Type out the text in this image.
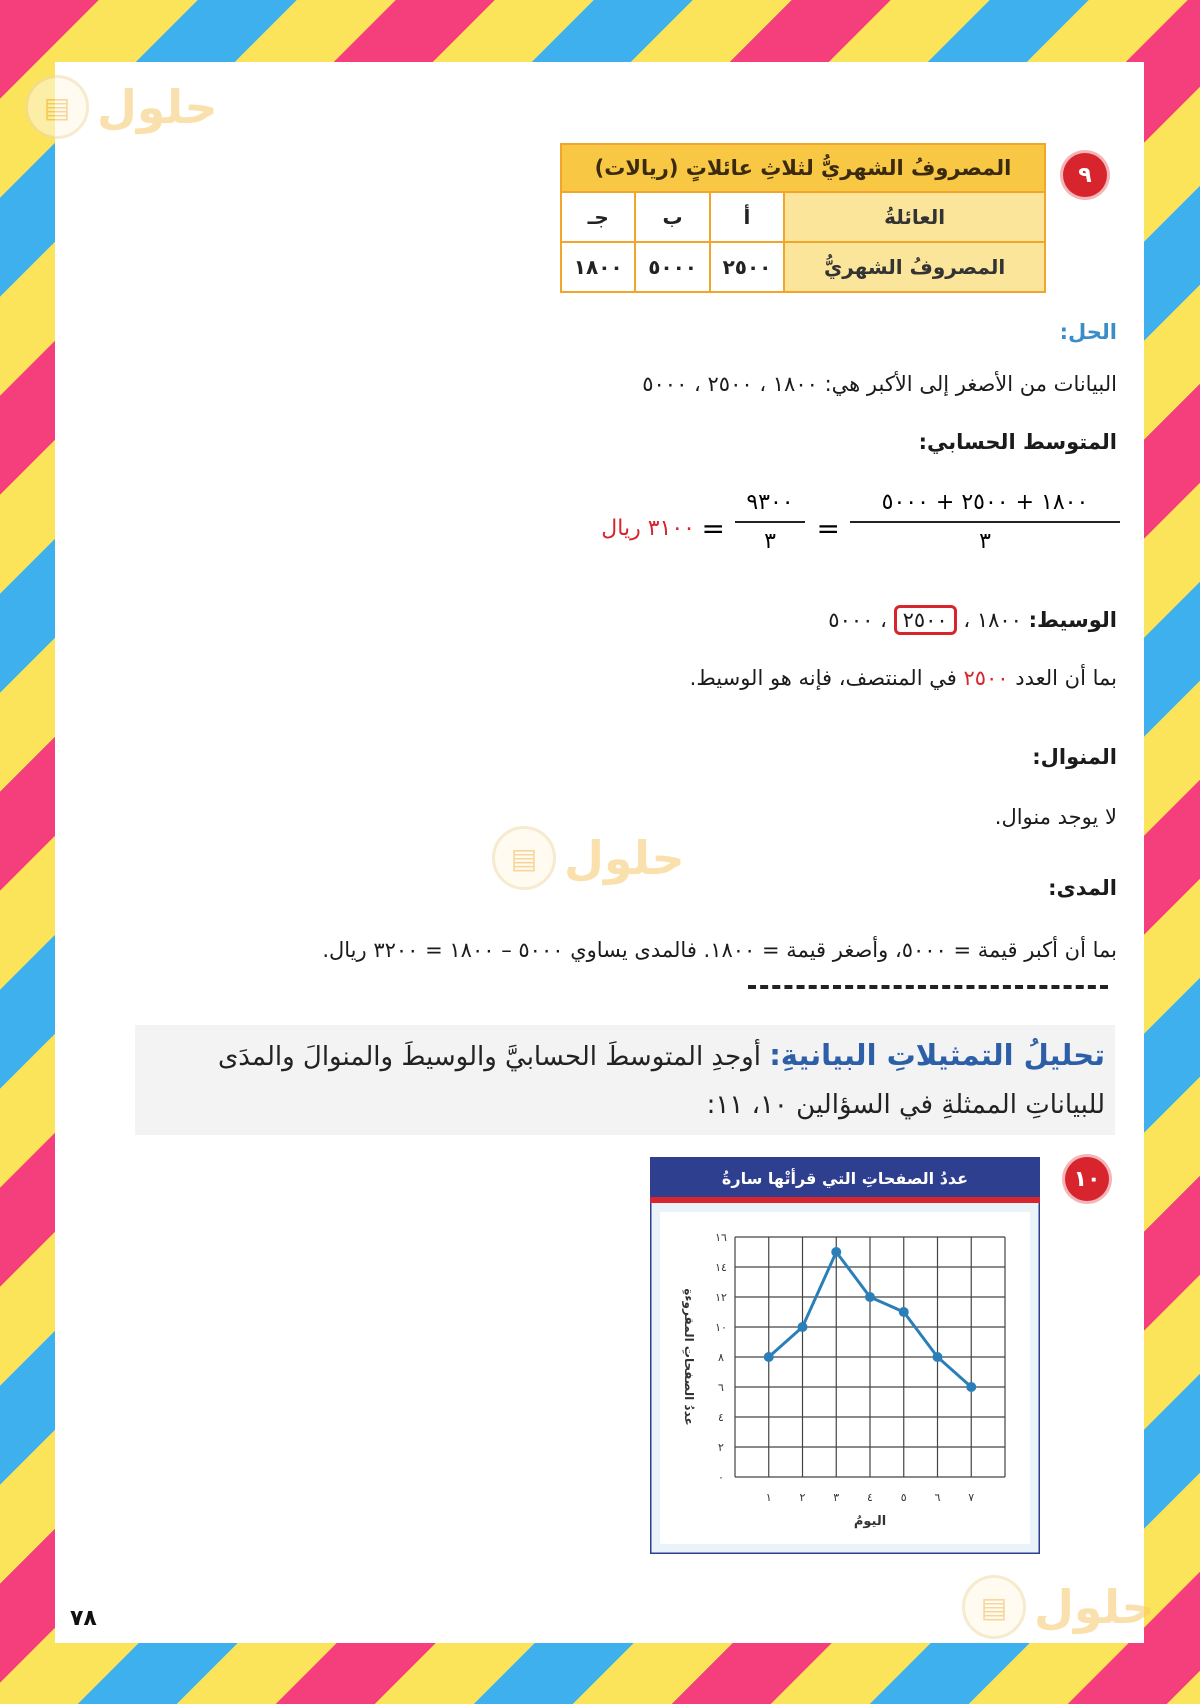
▤ حلول
▤ حلول
▤ حلول
٩
المصروفُ الشهريُّ لثلاثِ عائلاتٍ (ريالات)			
العائلةُ	أ	ب	جـ
المصروفُ الشهريُّ	٢٥٠٠	٥٠٠٠	١٨٠٠
الحل:
البيانات من الأصغر إلى الأكبر هي: ١٨٠٠ ، ٢٥٠٠ ، ٥٠٠٠
المتوسط الحسابي:
١٨٠٠ + ٢٥٠٠ + ٥٠٠٠
٣
=
٩٣٠٠
٣
=
٣١٠٠ ريال
الوسيط: ١٨٠٠ ، ٢٥٠٠ ، ٥٠٠٠
بما أن العدد ٢٥٠٠ في المنتصف، فإنه هو الوسيط.
المنوال:
لا يوجد منوال.
المدى:
بما أن أكبر قيمة = ٥٠٠٠، وأصغر قيمة = ١٨٠٠. فالمدى يساوي ٥٠٠٠ – ١٨٠٠ = ٣٢٠٠ ريال.
تحليلُ التمثيلاتِ البيانيةِ: أوجدِ المتوسطَ الحسابيَّ والوسيطَ والمنوالَ والمدَى
للبياناتِ الممثلةِ في السؤالين ١٠، ١١:
١٠
عددُ الصفحاتِ التي قرأتْها سارةُ
٠
٢
٤
٦
٨
١٠
١٢
١٤
١٦
١	٢	٣	٤	٥	٦	٧
اليومُ
عددُ الصفحاتِ المقروءةِ
٧٨
